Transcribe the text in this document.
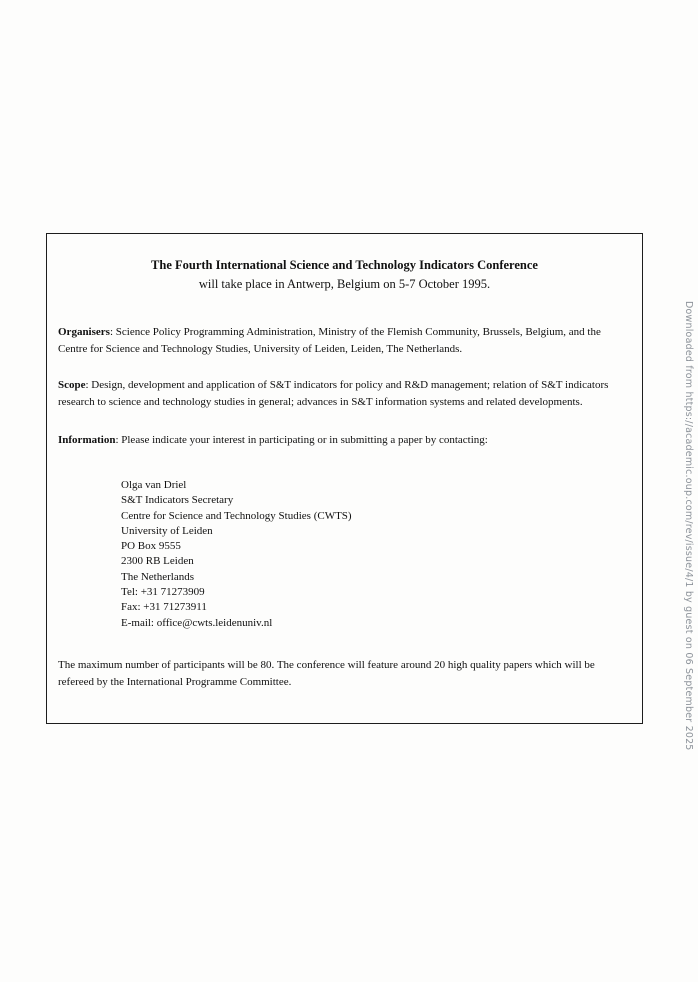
The Fourth International Science and Technology Indicators Conference
will take place in Antwerp, Belgium on 5-7 October 1995.

Organisers: Science Policy Programming Administration, Ministry of the Flemish Community, Brussels, Belgium, and the Centre for Science and Technology Studies, University of Leiden, Leiden, The Netherlands.

Scope: Design, development and application of S&T indicators for policy and R&D management; relation of S&T indicators research to science and technology studies in general; advances in S&T information systems and related developments.

Information: Please indicate your interest in participating or in submitting a paper by contacting:

Olga van Driel
S&T Indicators Secretary
Centre for Science and Technology Studies (CWTS)
University of Leiden
PO Box 9555
2300 RB Leiden
The Netherlands
Tel: +31 71273909
Fax: +31 71273911
E-mail: office@cwts.leidenuniv.nl

The maximum number of participants will be 80. The conference will feature around 20 high quality papers which will be refereed by the International Programme Committee.	Downloaded from https://academic.oup.com/rev/issue/4/1 by guest on 06 September 2025
